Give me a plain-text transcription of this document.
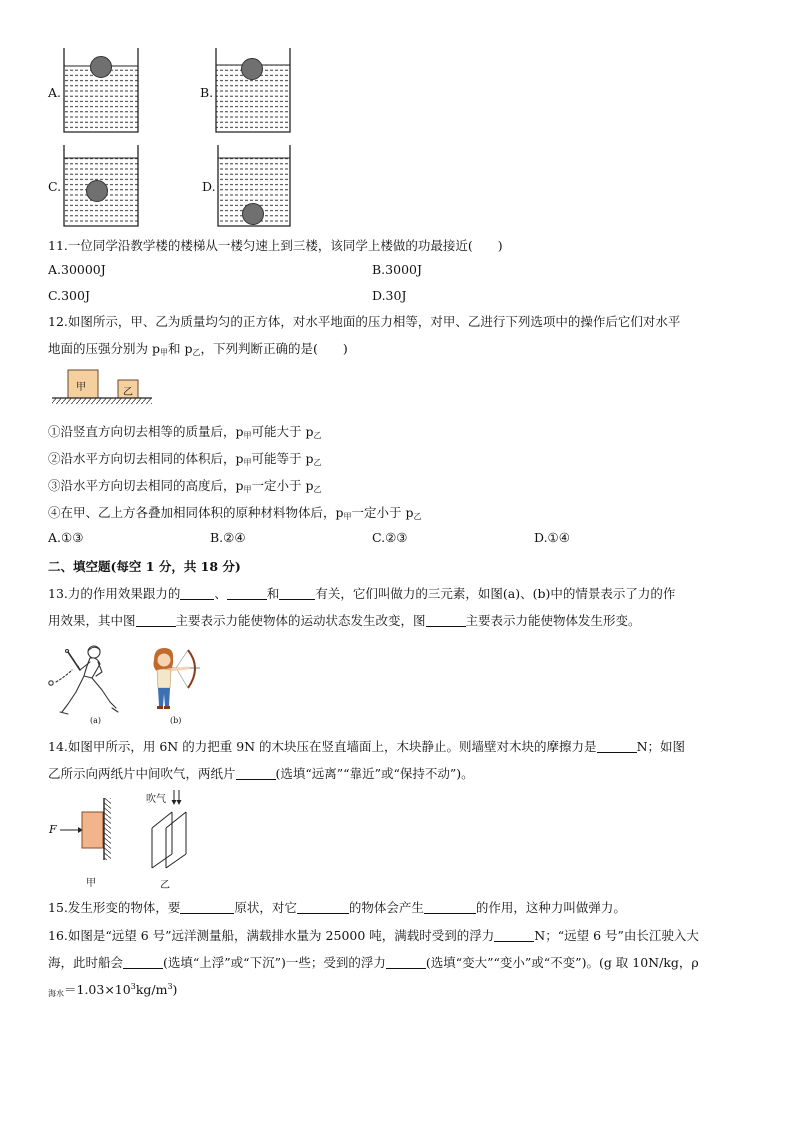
A.	B.
C.	D.
11.一位同学沿教学楼的楼梯从一楼匀速上到三楼，该同学上楼做的功最接近(　　)
A.30000J	B.3000J
C.300J	D.30J
12.如图所示，甲、乙为质量均匀的正方体，对水平地面的压力相等，对甲、乙进行下列选项中的操作后它们对水平
地面的压强分别为 $p_甲$和 $p_乙$，下列判断正确的是(　　)
甲	乙
①沿竖直方向切去相等的质量后，$p_甲$可能大于 $p_乙$
②沿水平方向切去相同的体积后，$p_甲$可能等于 $p_乙$
③沿水平方向切去相同的高度后，$p_甲$一定小于 $p_乙$
④在甲、乙上方各叠加相同体积的原种材料物体后，$p_甲$一定小于 $p_乙$
A.①③	B.②④	C.②③	D.①④
二、填空题(每空 1 分，共 18 分)
13.力的作用效果跟力的	、	和	有关，它们叫做力的三元素，如图(a)、(b)中的情景表示了力的作
用效果，其中图	主要表示力能使物体的运动状态发生改变，图	主要表示力能使物体发生形变。
(a)	(b)
14.如图甲所示，用 6N 的力把重 9N 的木块压在竖直墙面上，木块静止。则墙壁对木块的摩擦力是	N；如图
乙所示向两纸片中间吹气，两纸片	(选填“远离”“靠近”或“保持不动”)。
F
吹气
甲	乙
15.发生形变的物体，要	原状，对它	的物体会产生	的作用，这种力叫做弹力。
16.如图是“远望 6 号”远洋测量船，满载排水量为 25000 吨，满载时受到的浮力	N；“远望 6 号”由长江驶入大
海，此时船会	(选填“上浮”或“下沉”)一些；受到的浮力	(选填“变大”“变小”或“不变”)。(g 取 10N/kg，ρ
$_{海水}=1.03\times 10^3kg/m^3$)
